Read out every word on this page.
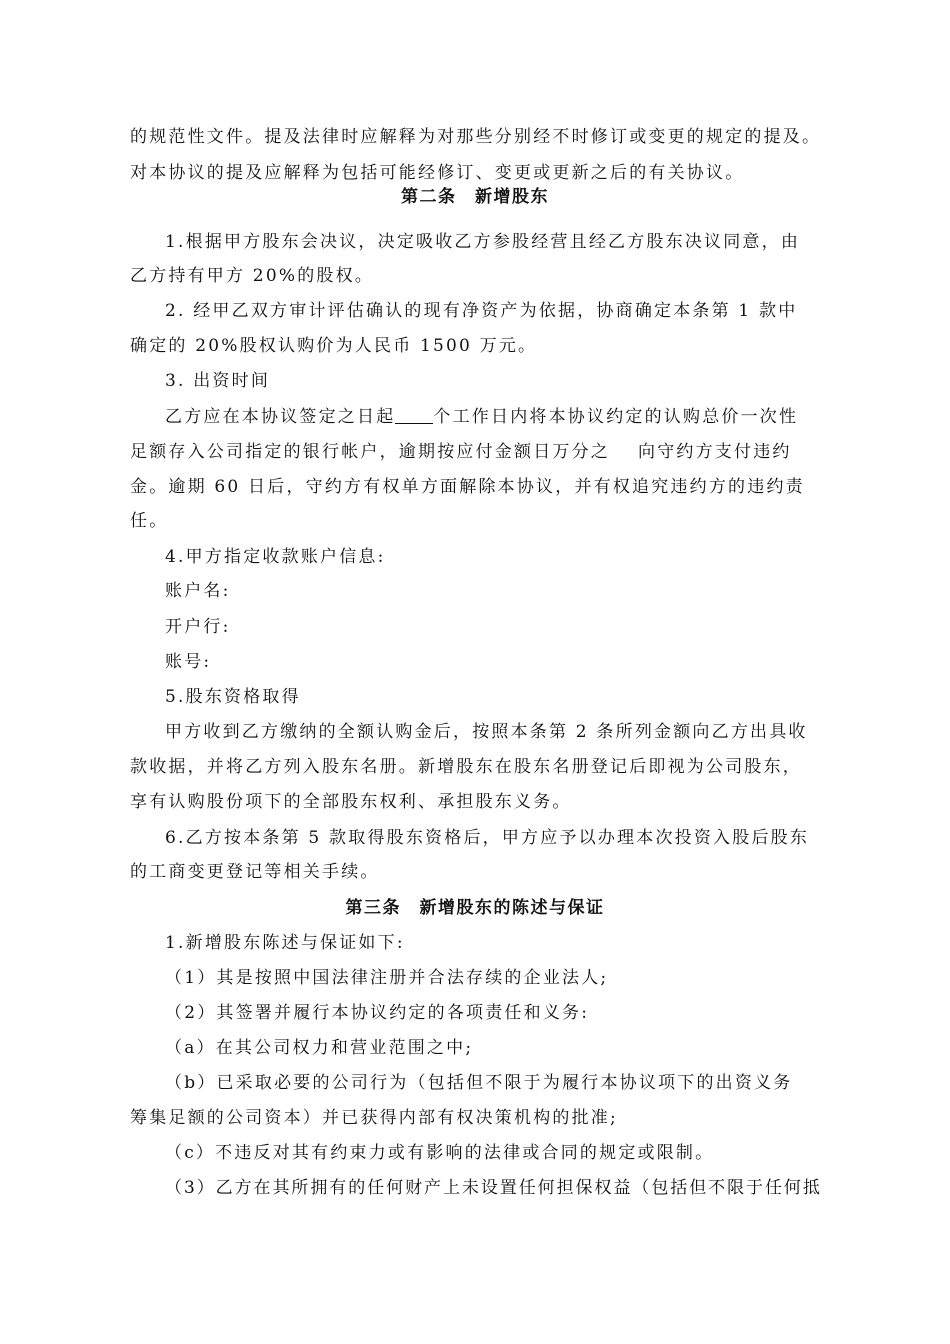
的规范性文件。提及法律时应解释为对那些分别经不时修订或变更的规定的提及。
对本协议的提及应解释为包括可能经修订、变更或更新之后的有关协议。
第二条　新增股东
1.根据甲方股东会决议，决定吸收乙方参股经营且经乙方股东决议同意，由
乙方持有甲方 20%的股权。
2. 经甲乙双方审计评估确认的现有净资产为依据，协商确定本条第 1 款中
确定的 20%股权认购价为人民币 1500 万元。
3. 出资时间
乙方应在本协议签定之日起 个工作日内将本协议约定的认购总价一次性
足额存入公司指定的银行帐户，逾期按应付金额日万分之 向守约方支付违约
金。逾期 60 日后，守约方有权单方面解除本协议，并有权追究违约方的违约责
任。
4.甲方指定收款账户信息:
账户名:
开户行:
账号:
5.股东资格取得
甲方收到乙方缴纳的全额认购金后，按照本条第 2 条所列金额向乙方出具收
款收据，并将乙方列入股东名册。新增股东在股东名册登记后即视为公司股东，
享有认购股份项下的全部股东权利、承担股东义务。
6.乙方按本条第 5 款取得股东资格后，甲方应予以办理本次投资入股后股东
的工商变更登记等相关手续。
第三条　新增股东的陈述与保证
1.新增股东陈述与保证如下:
（1）其是按照中国法律注册并合法存续的企业法人;
（2）其签署并履行本协议约定的各项责任和义务:
（a）在其公司权力和营业范围之中;
（b）已采取必要的公司行为（包括但不限于为履行本协议项下的出资义务
筹集足额的公司资本）并已获得内部有权决策机构的批准;
（c）不违反对其有约束力或有影响的法律或合同的规定或限制。
（3）乙方在其所拥有的任何财产上未设置任何担保权益（包括但不限于任何抵
